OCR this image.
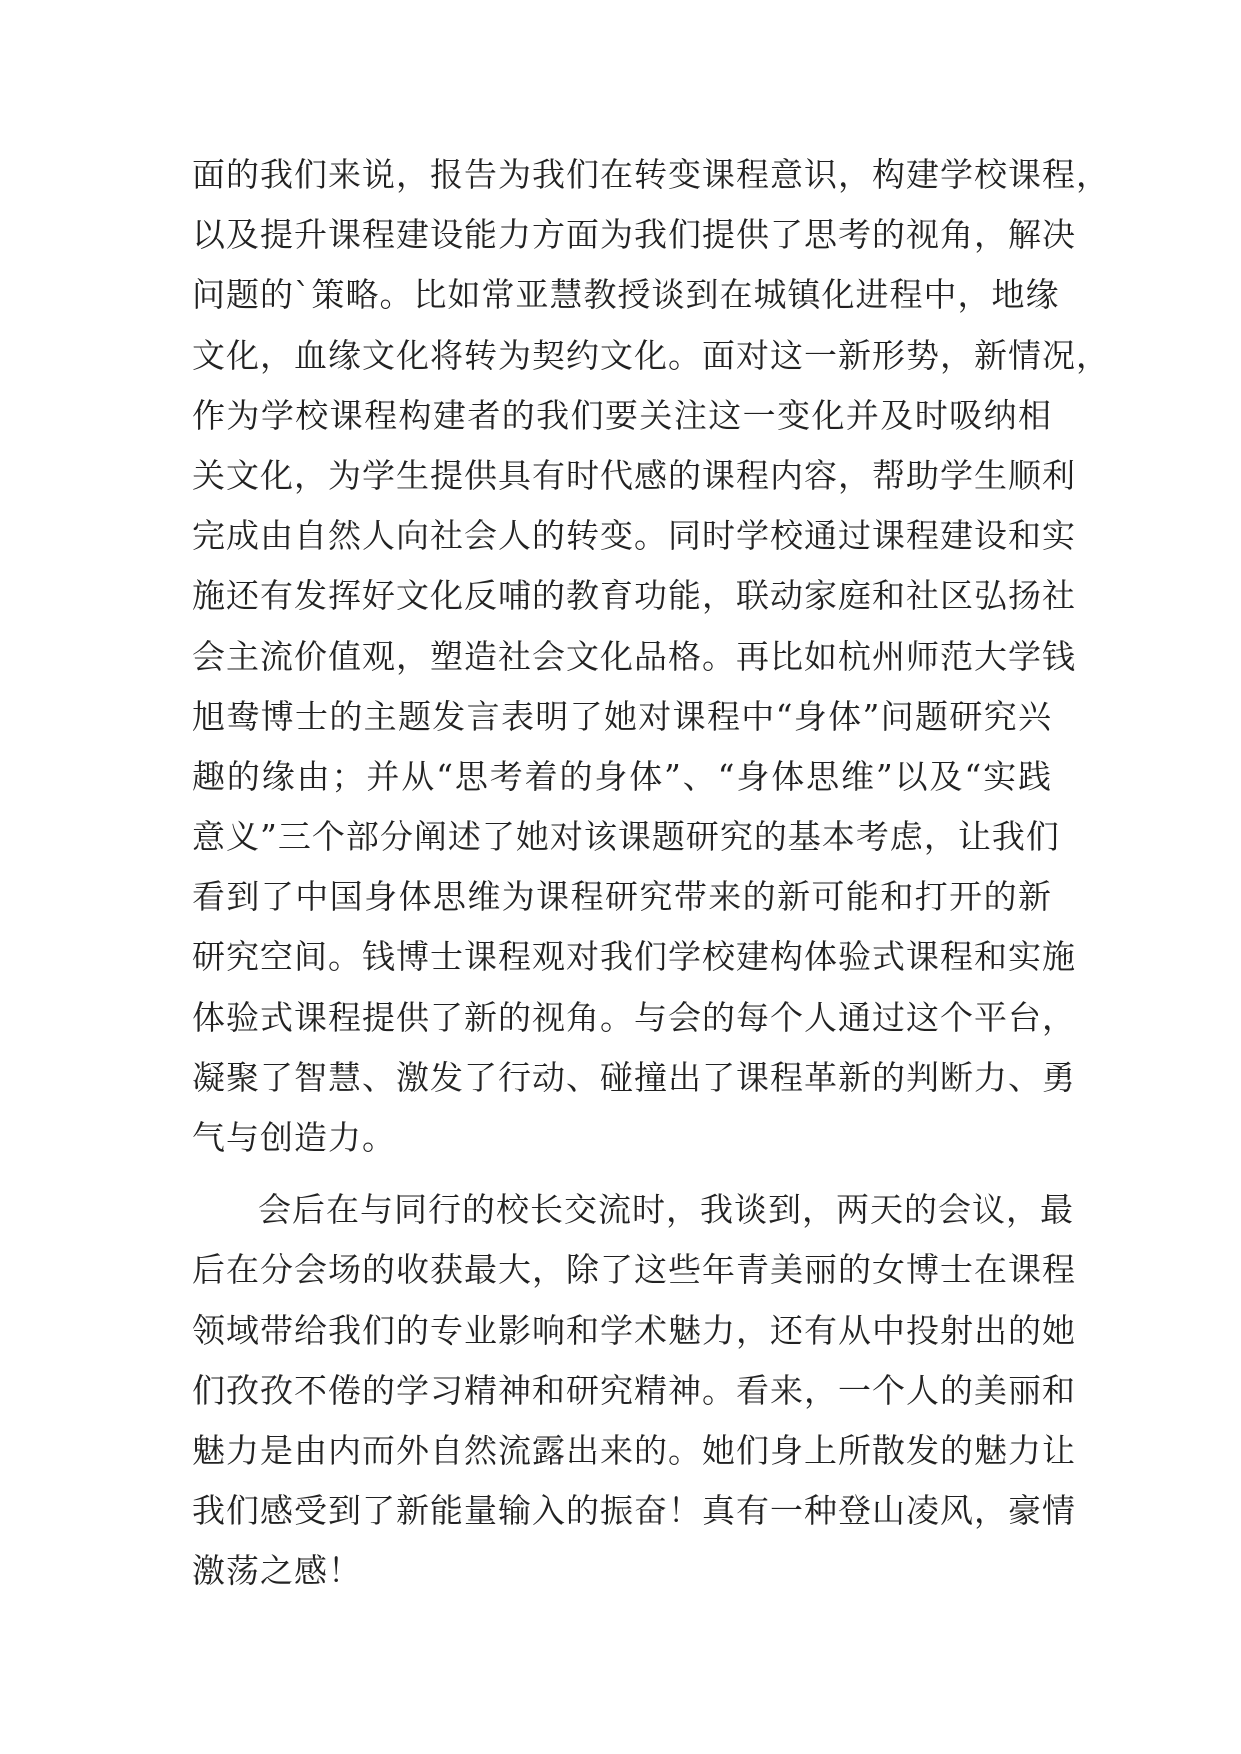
面的我们来说，报告为我们在转变课程意识，构建学校课程，
以及提升课程建设能力方面为我们提供了思考的视角，解决
问题的`策略。比如常亚慧教授谈到在城镇化进程中，地缘
文化，血缘文化将转为契约文化。面对这一新形势，新情况，
作为学校课程构建者的我们要关注这一变化并及时吸纳相
关文化，为学生提供具有时代感的课程内容，帮助学生顺利
完成由自然人向社会人的转变。同时学校通过课程建设和实
施还有发挥好文化反哺的教育功能，联动家庭和社区弘扬社
会主流价值观，塑造社会文化品格。再比如杭州师范大学钱
旭鸯博士的主题发言表明了她对课程中“身体”问题研究兴
趣的缘由；并从“思考着的身体”、“身体思维”以及“实践
意义”三个部分阐述了她对该课题研究的基本考虑，让我们
看到了中国身体思维为课程研究带来的新可能和打开的新
研究空间。钱博士课程观对我们学校建构体验式课程和实施
体验式课程提供了新的视角。与会的每个人通过这个平台，
凝聚了智慧、激发了行动、碰撞出了课程革新的判断力、勇
气与创造力。
会后在与同行的校长交流时，我谈到，两天的会议，最
后在分会场的收获最大，除了这些年青美丽的女博士在课程
领域带给我们的专业影响和学术魅力，还有从中投射出的她
们孜孜不倦的学习精神和研究精神。看来，一个人的美丽和
魅力是由内而外自然流露出来的。她们身上所散发的魅力让
我们感受到了新能量输入的振奋！真有一种登山凌风，豪情
激荡之感！
